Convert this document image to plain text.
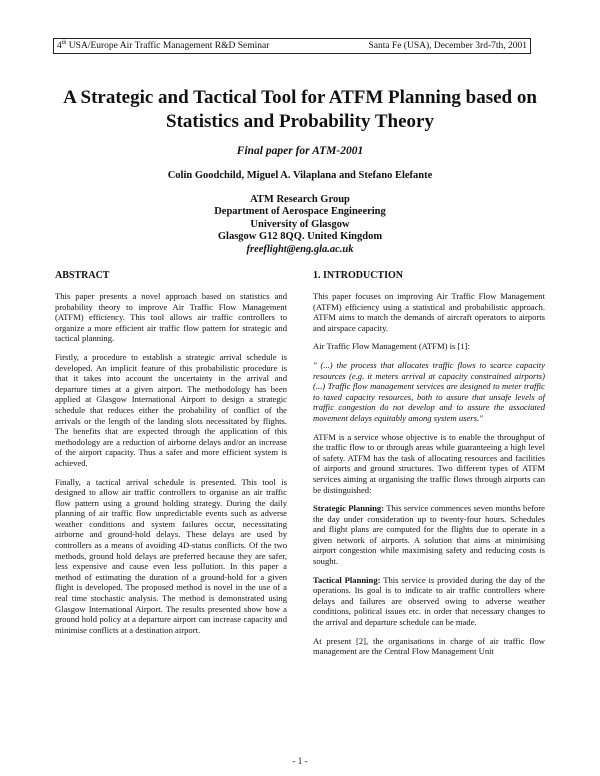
4th USA/Europe Air Traffic Management R&D Seminar	Santa Fe (USA), December 3rd-7th, 2001
A Strategic and Tactical Tool for ATFM Planning based on Statistics and Probability Theory
Final paper for ATM-2001
Colin Goodchild, Miguel A. Vilaplana and Stefano Elefante
ATM Research Group
Department of Aerospace Engineering
University of Glasgow
Glasgow G12 8QQ. United Kingdom
freeflight@eng.gla.ac.uk
ABSTRACT

This paper presents a novel approach based on statistics and probability theory to improve Air Traffic Flow Management (ATFM) efficiency. This tool allows air traffic controllers to organize a more efficient air traffic flow pattern for strategic and tactical planning.

Firstly, a procedure to establish a strategic arrival schedule is developed. An implicit feature of this probabilistic procedure is that it takes into account the uncertainty in the arrival and departure times at a given airport. The methodology has been applied at Glasgow International Airport to design a strategic schedule that reduces either the probability of conflict of the arrivals or the length of the landing slots necessitated by flights. The benefits that are expected through the application of this methodology are a reduction of airborne delays and/or an increase of the airport capacity. Thus a safer and more efficient system is achieved.

Finally, a tactical arrival schedule is presented. This tool is designed to allow air traffic controllers to organise an air traffic flow pattern using a ground holding strategy. During the daily planning of air traffic flow unpredictable events such as adverse weather conditions and system failures occur, necessitating airborne and ground-hold delays. These delays are used by controllers as a means of avoiding 4D-status conflicts. Of the two methods, ground hold delays are preferred because they are safer, less expensive and cause even less pollution. In this paper a method of estimating the duration of a ground-hold for a given flight is developed. The proposed method is novel in the use of a real time stochastic analysis. The method is demonstrated using Glasgow International Airport. The results presented show how a ground hold policy at a departure airport can increase capacity and minimise conflicts at a destination airport.

1. INTRODUCTION

This paper focuses on improving Air Traffic Flow Management (ATFM) efficiency using a statistical and probabilistic approach. ATFM aims to match the demands of aircraft operators to airports and airspace capacity.

Air Traffic Flow Management (ATFM) is [1]:

" (...) the process that allocates traffic flows to scarce capacity resources (e.g. it meters arrival at capacity constrained airports) (...) Traffic flow management services are designed to meter traffic to taxed capacity resources, both to assure that unsafe levels of traffic congestion do not develop and to assure the associated movement delays equitably among system users."

ATFM is a service whose objective is to enable the throughput of the traffic flow to or through areas while guaranteeing a high level of safety. ATFM has the task of allocating resources and facilities of airports and ground structures. Two different types of ATFM services aiming at organising the traffic flows through airports can be distinguished:

Strategic Planning: This service commences seven months before the day under consideration up to twenty-four hours. Schedules and flight plans are computed for the flights due to operate in a given network of airports. A solution that aims at minimising airport congestion while maximising safety and reducing costs is sought.

Tactical Planning: This service is provided during the day of the operations. Its goal is to indicate to air traffic controllers where delays and failures are observed owing to adverse weather conditions, political issues etc. in order that necessary changes to the arrival and departure schedule can be made.

At present [2], the organisations in charge of air traffic flow management are the Central Flow Management Unit

- 1 -
